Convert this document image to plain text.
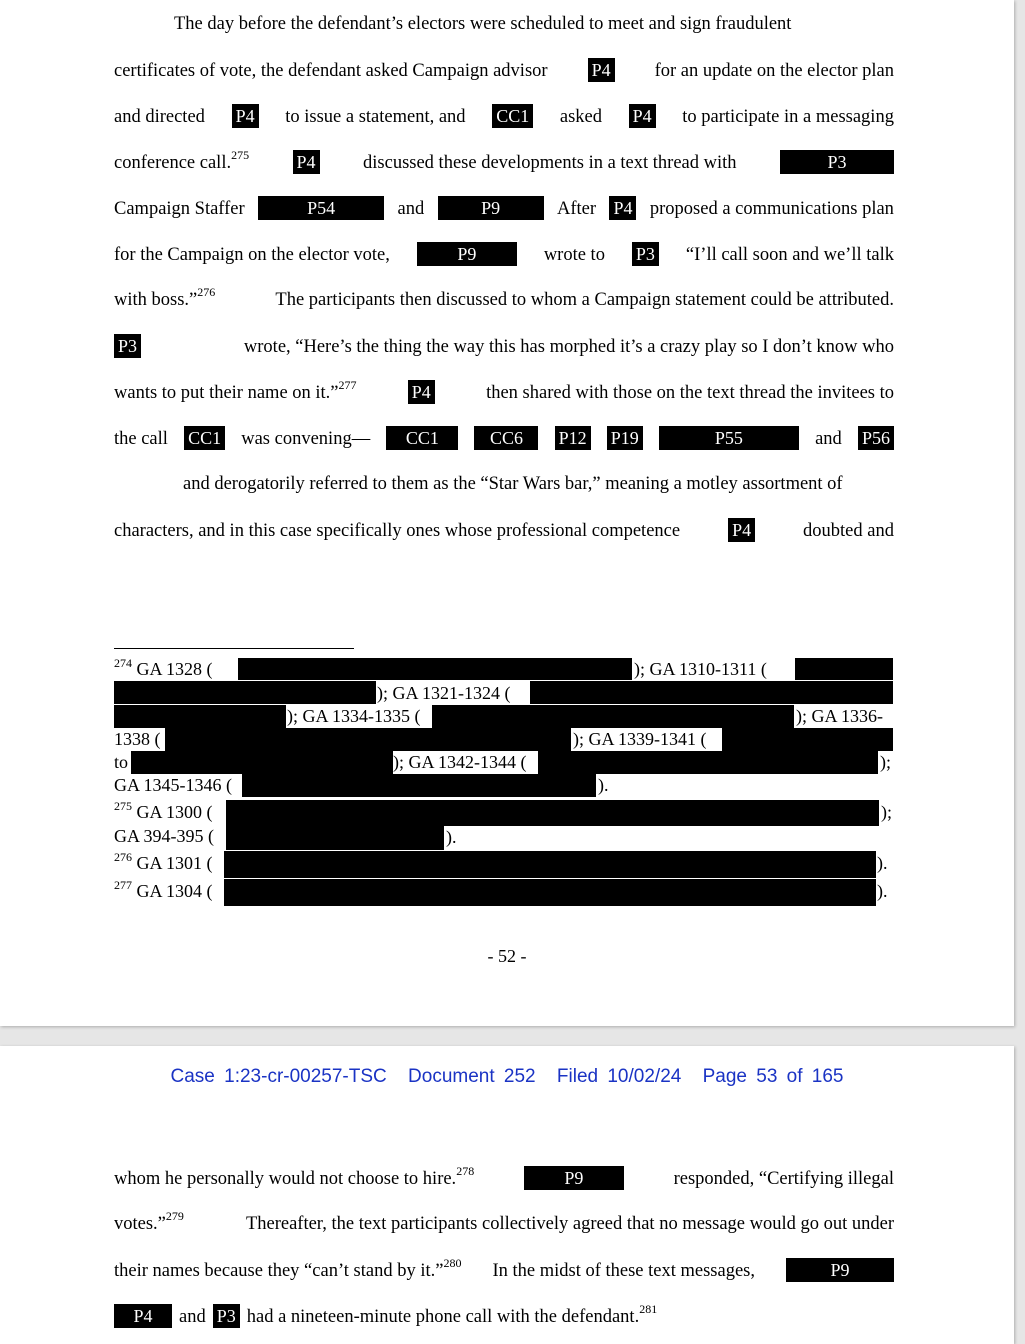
The day before the defendant’s electors were scheduled to meet and sign fraudulent
certificates of vote, the defendant asked Campaign advisor P4 for an update on the elector plan
and directed P4 to issue a statement, and CC1 asked P4 to participate in a messaging
conference call.$^{275}$	P4	discussed these developments in a text thread with	P3
Campaign Staffer	P54	and	P9	After P4 proposed a communications plan
for the Campaign on the elector vote,	P9	wrote to P3 “I’ll call soon and we’ll talk
with boss.”$^{276}$	The participants then discussed to whom a Campaign statement could be attributed.
P3	wrote, “Here’s the thing the way this has morphed it’s a crazy play so I don’t know who
wants to put their name on it.”$^{277}$	P4	then shared with those on the text thread the invitees to
the call CC1 was convening—	CC1	CC6	P12 P19	P55	and P56
and derogatorily referred to them as the “Star Wars bar,” meaning a motley assortment of
characters, and in this case specifically ones whose professional competence	P4	doubted and
$^{274}$ GA 1328 (	); GA 1310-1311 (
); GA 1321-1324 (
); GA 1334-1335 (	); GA 1336-
1338 (	); GA 1339-1341 (
to	); GA 1342-1344 (	);
GA 1345-1346 (	).
$^{275}$ GA 1300 (	);
GA 394-395 (	).
$^{276}$ GA 1301 (	).
$^{277}$ GA 1304 (	).
- 52 -
Case 1:23-cr-00257-TSC Document 252 Filed 10/02/24 Page 53 of 165
whom he personally would not choose to hire.$^{278}$	P9	responded, “Certifying illegal
votes.”$^{279}$	Thereafter, the text participants collectively agreed that no message would go out under
their names because they “can’t stand by it.”$^{280}$ In the midst of these text messages,	P9
P4	and P3 had a nineteen-minute phone call with the defendant.$^{281}$
